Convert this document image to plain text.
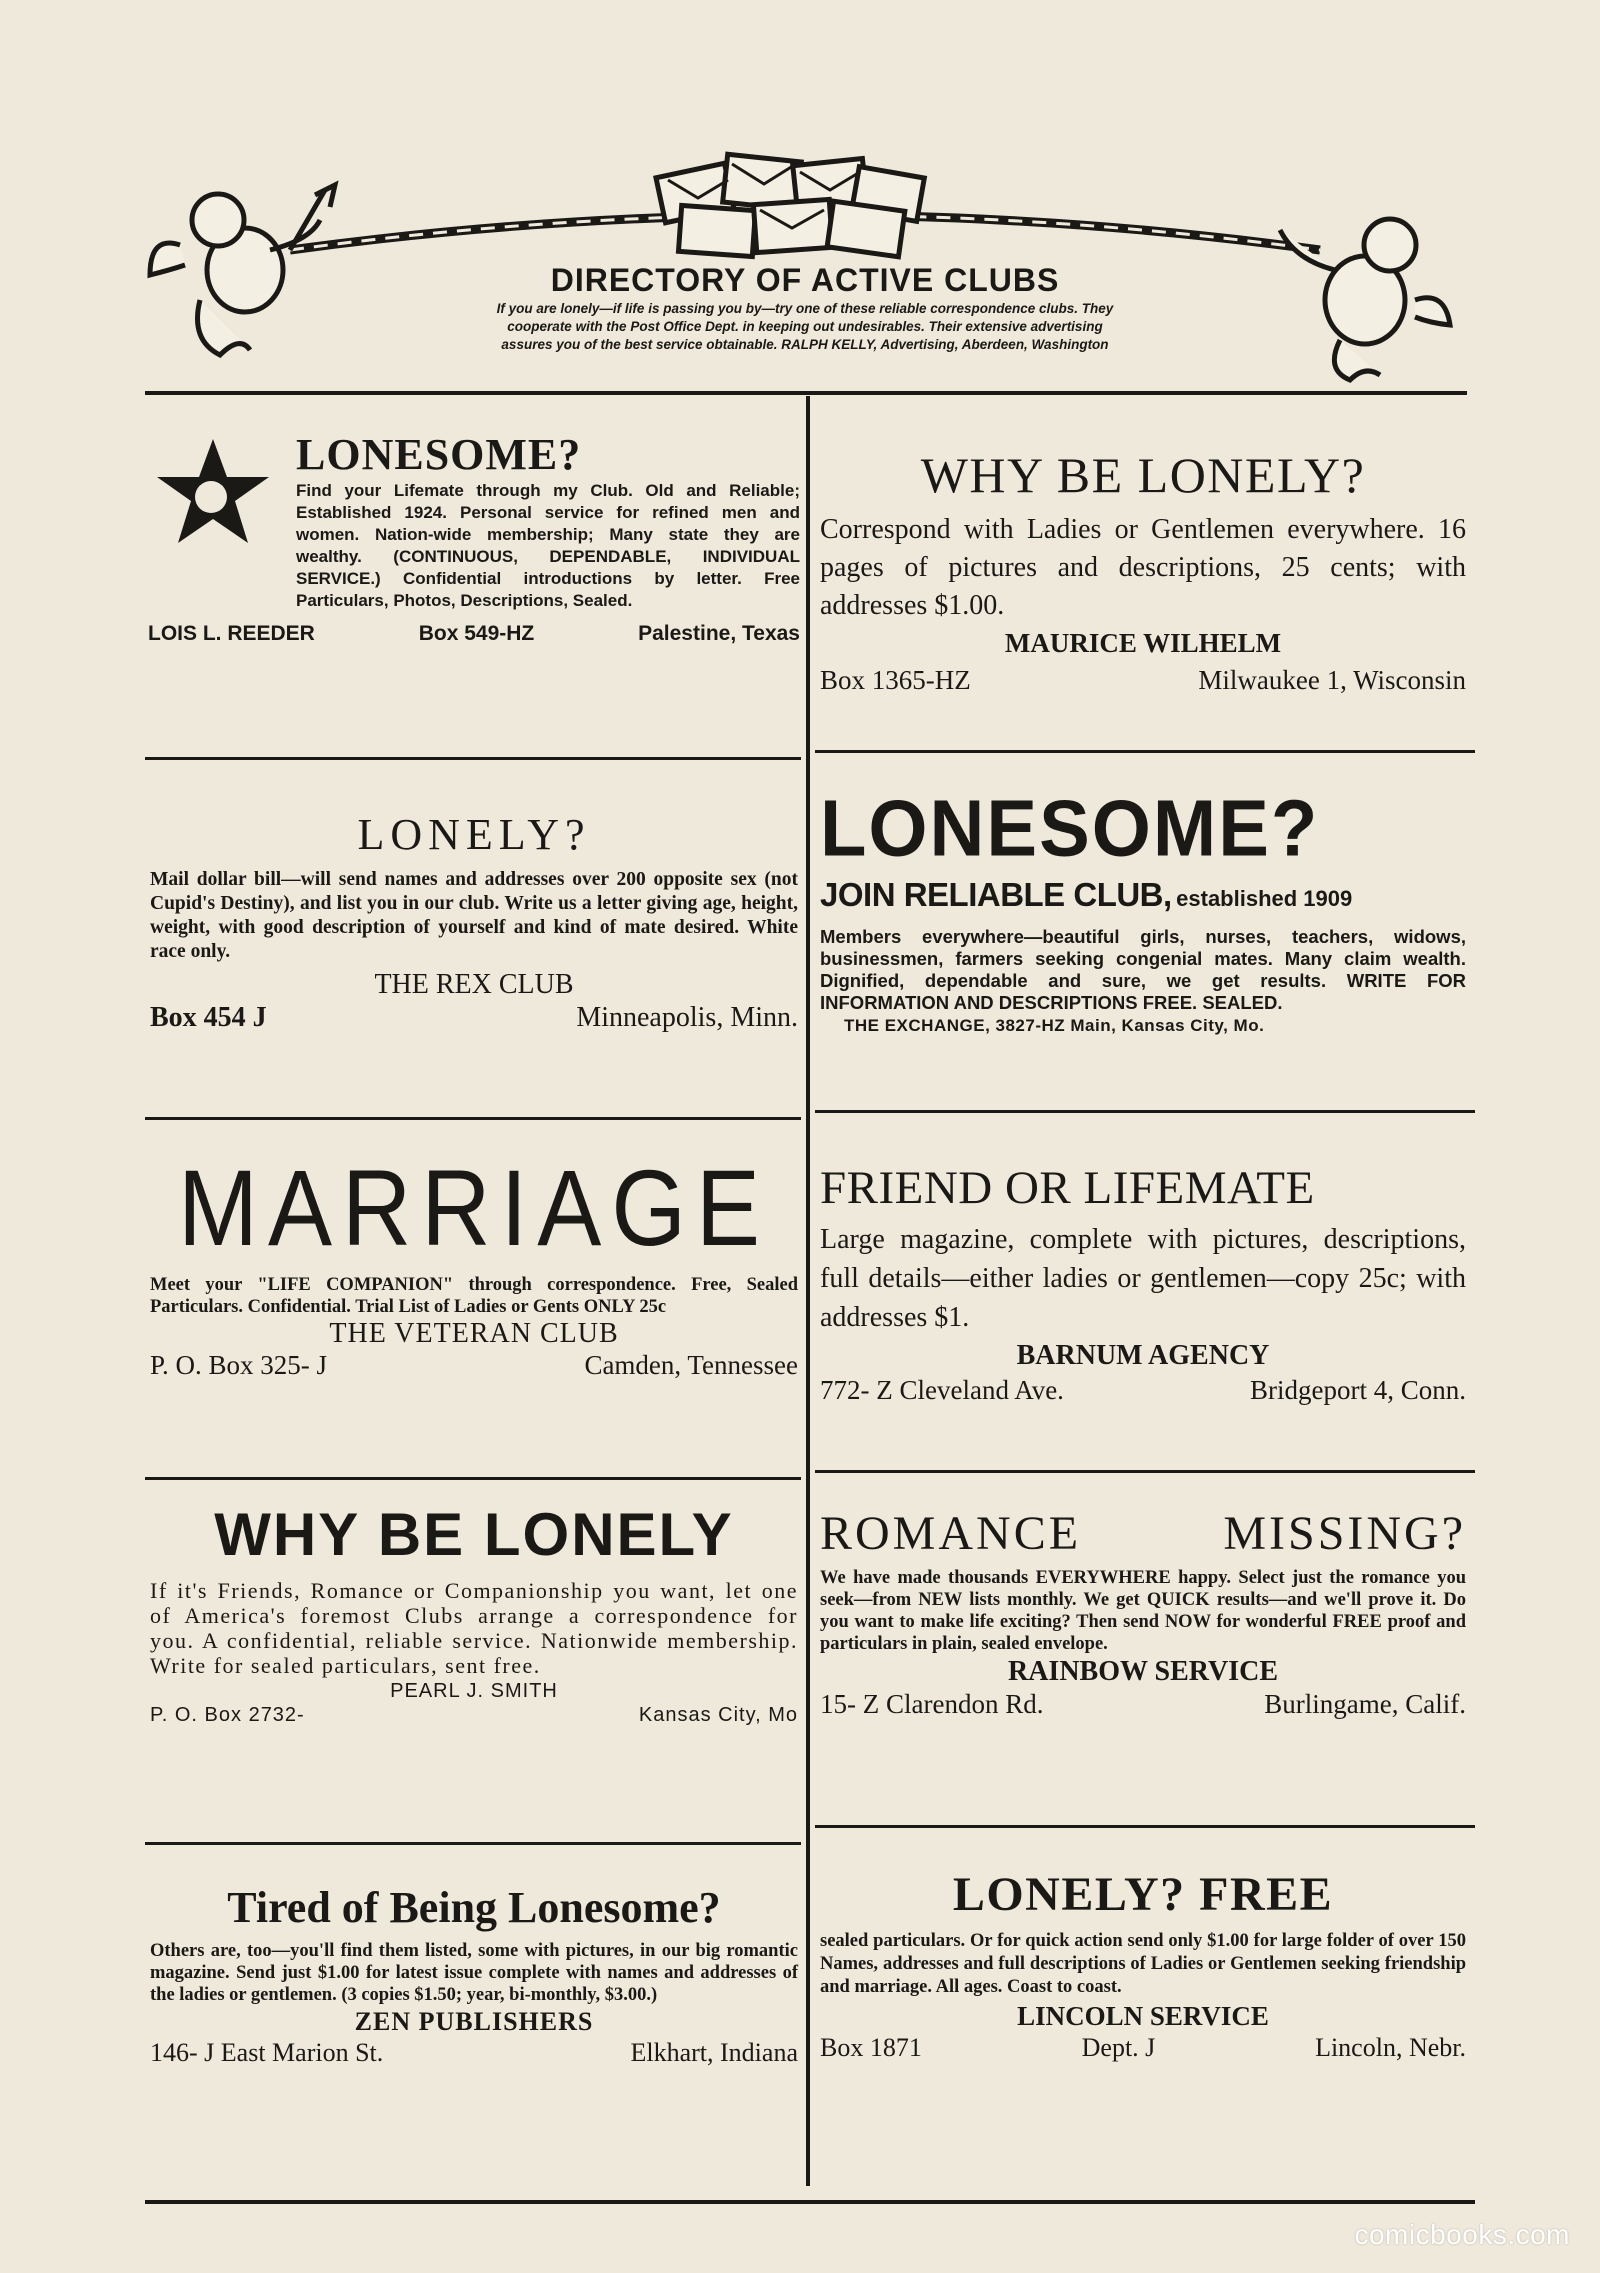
DIRECTORY OF ACTIVE CLUBS
If you are lonely—if life is passing you by—try one of these reliable correspondence clubs. They cooperate with the Post Office Dept. in keeping out undesirables. Their extensive advertising assures you of the best service obtainable. RALPH KELLY, Advertising, Aberdeen, Washington
LONESOME?
Find your Lifemate through my Club. Old and Reliable; Established 1924. Personal service for refined men and women. Nation-wide membership; Many state they are wealthy. (CONTINUOUS, DEPENDABLE, INDIVIDUAL SERVICE.) Confidential introductions by letter. Free Particulars, Photos, Descriptions, Sealed.
LOIS L. REEDER	Box 549-HZ	Palestine, Texas
WHY BE LONELY?
Correspond with Ladies or Gentlemen everywhere. 16 pages of pictures and descriptions, 25 cents; with addresses $1.00.
MAURICE WILHELM
Box 1365-HZ	Milwaukee 1, Wisconsin
LONELY?
Mail dollar bill—will send names and addresses over 200 opposite sex (not Cupid's Destiny), and list you in our club. Write us a letter giving age, height, weight, with good description of yourself and kind of mate desired. White race only.
THE REX CLUB
Box 454 J	Minneapolis, Minn.
LONESOME?
JOIN RELIABLE CLUB, established 1909
Members everywhere—beautiful girls, nurses, teachers, widows, businessmen, farmers seeking congenial mates. Many claim wealth. Dignified, dependable and sure, we get results. WRITE FOR INFORMATION AND DESCRIPTIONS FREE. SEALED.
THE EXCHANGE, 3827-HZ Main, Kansas City, Mo.
MARRIAGE
Meet your "LIFE COMPANION" through correspondence. Free, Sealed Particulars. Confidential. Trial List of Ladies or Gents ONLY 25c
THE VETERAN CLUB
P. O. Box 325- J	Camden, Tennessee
FRIEND OR LIFEMATE
Large magazine, complete with pictures, descriptions, full details—either ladies or gentlemen—copy 25c; with addresses $1.
BARNUM AGENCY
772- Z Cleveland Ave.	Bridgeport 4, Conn.
WHY BE LONELY
If it's Friends, Romance or Companionship you want, let one of America's foremost Clubs arrange a correspondence for you. A confidential, reliable service. Nationwide membership. Write for sealed particulars, sent free.
PEARL J. SMITH
P. O. Box 2732-	Kansas City, Mo
ROMANCE	MISSING?
We have made thousands EVERYWHERE happy. Select just the romance you seek—from NEW lists monthly. We get QUICK results—and we'll prove it. Do you want to make life exciting? Then send NOW for wonderful FREE proof and particulars in plain, sealed envelope.
RAINBOW SERVICE
15- Z Clarendon Rd.	Burlingame, Calif.
Tired of Being Lonesome?
Others are, too—you'll find them listed, some with pictures, in our big romantic magazine. Send just $1.00 for latest issue complete with names and addresses of the ladies or gentlemen. (3 copies $1.50; year, bi-monthly, $3.00.)
ZEN PUBLISHERS
146- J East Marion St.	Elkhart, Indiana
LONELY? FREE
sealed particulars. Or for quick action send only $1.00 for large folder of over 150 Names, addresses and full descriptions of Ladies or Gentlemen seeking friendship and marriage. All ages. Coast to coast.
LINCOLN SERVICE
Box 1871	Dept. J	Lincoln, Nebr.
comicbooks.com
